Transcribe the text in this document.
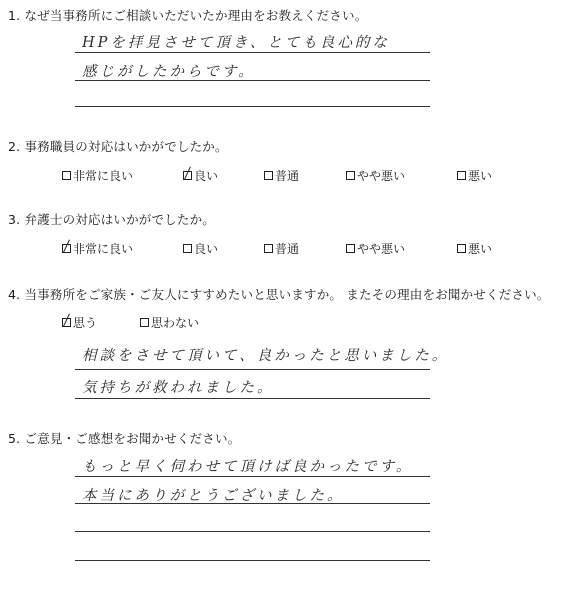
1. なぜ当事務所にご相談いただいたか理由をお教えください。
HPを拝見させて頂き、とても良心的な
感じがしたからです。
2. 事務職員の対応はいかがでしたか。
非常に良い	良い	普通	やや悪い	悪い
3. 弁護士の対応はいかがでしたか。
非常に良い	良い	普通	やや悪い	悪い
4. 当事務所をご家族・ご友人にすすめたいと思いますか。 またその理由をお聞かせください。
思う	思わない
相談をさせて頂いて、良かったと思いました。
気持ちが救われました。
5. ご意見・ご感想をお聞かせください。
もっと早く伺わせて頂けば良かったです。
本当にありがとうございました。
